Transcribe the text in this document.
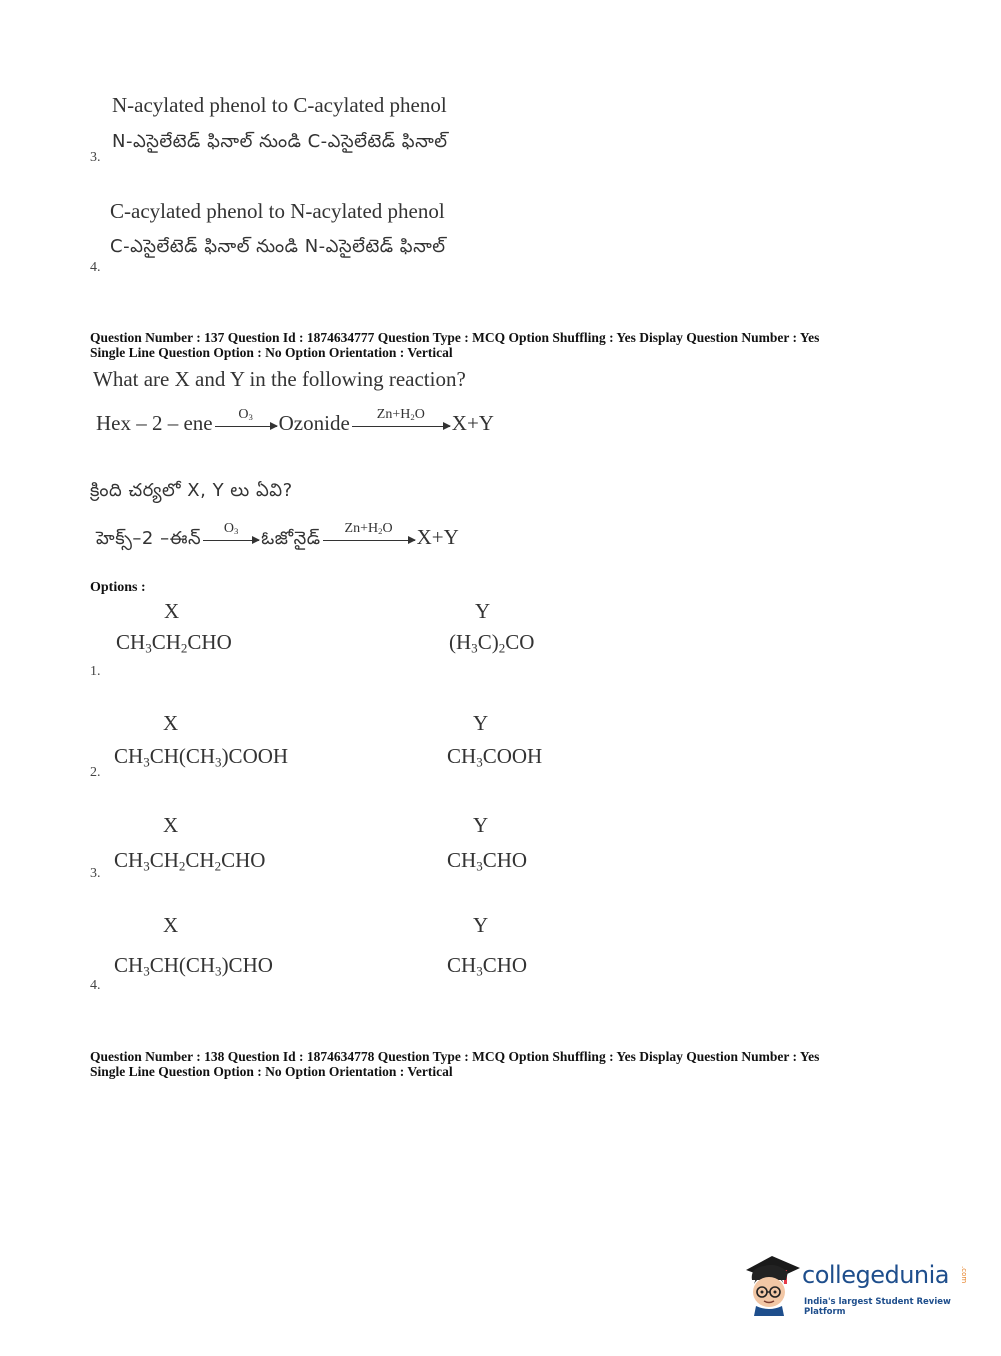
N-acylated phenol to C-acylated phenol
N-ఎసైలేటెడ్ ఫినాల్ నుండి C-ఎసైలేటెడ్ ఫినాల్
3.
C-acylated phenol to N-acylated phenol
C-ఎసైలేటెడ్ ఫినాల్ నుండి N-ఎసైలేటెడ్ ఫినాల్
4.
Question Number : 137 Question Id : 1874634777 Question Type : MCQ Option Shuffling : Yes Display Question Number : Yes
Single Line Question Option : No Option Orientation : Vertical
What are X and Y in the following reaction?
Hex – 2 – ene	$O_3$	Ozonide	$Zn+H_2O$	X+Y
క్రింది చర్యలో X, Y లు ఏవి?
హెక్స్–2 –ఈన్	$O_3$	ఓజోనైడ్	$Zn+H_2O$	X+Y
Options :
X	Y
$CH_3CH_2CHO$	$(H_3C)_2CO$
1.
X	Y
$CH_3CH(CH_3)COOH$	$CH_3COOH$
2.
X	Y
$CH_3CH_2CH_2CHO$	$CH_3CHO$
3.
X	Y
$CH_3CH(CH_3)CHO$	$CH_3CHO$
4.
Question Number : 138 Question Id : 1874634778 Question Type : MCQ Option Shuffling : Yes Display Question Number : Yes
Single Line Question Option : No Option Orientation : Vertical
collegedunia .com
India's largest Student Review Platform
